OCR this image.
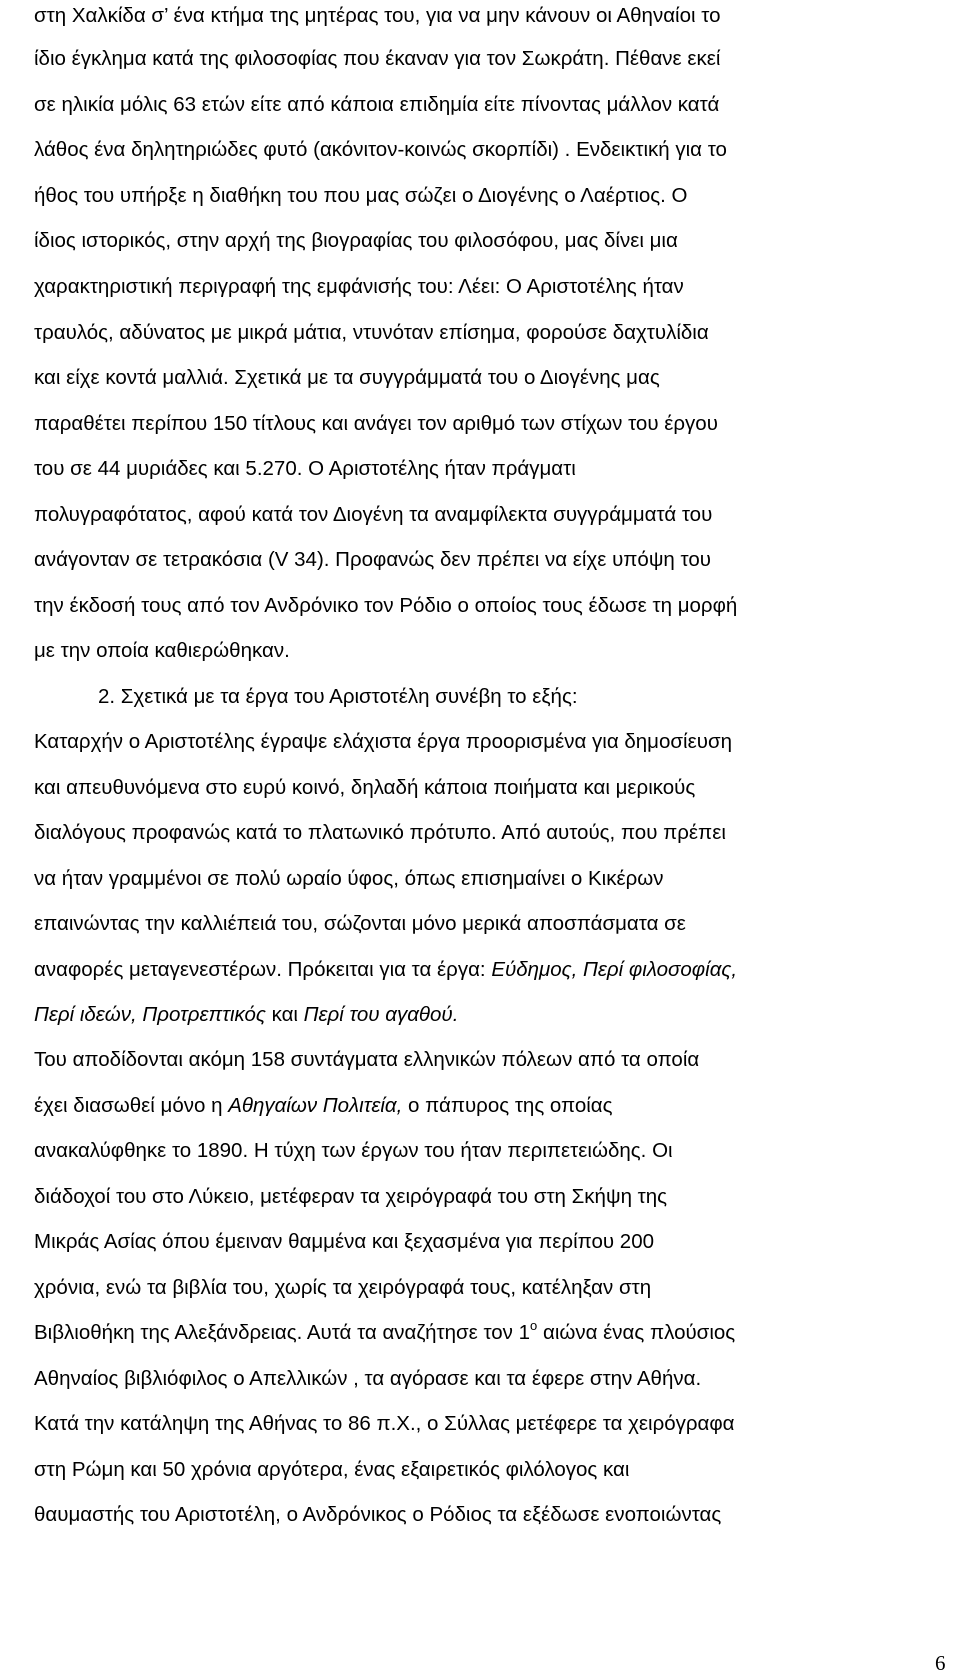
στη Χαλκίδα σ’ ένα κτήμα της μητέρας του, για να μην κάνουν οι Αθηναίοι το
ίδιο έγκλημα κατά της φιλοσοφίας που έκαναν για τον Σωκράτη. Πέθανε εκεί
σε ηλικία μόλις 63 ετών είτε από κάποια επιδημία είτε πίνοντας μάλλον κατά
λάθος ένα δηλητηριώδες φυτό (ακόνιτον-κοινώς σκορπίδι) . Ενδεικτική για το
ήθος του υπήρξε η διαθήκη του που μας σώζει ο Διογένης ο Λαέρτιος. Ο
ίδιος ιστορικός, στην αρχή της βιογραφίας του φιλοσόφου, μας δίνει μια
χαρακτηριστική περιγραφή της εμφάνισής του: Λέει: Ο Αριστοτέλης ήταν
τραυλός, αδύνατος με μικρά μάτια, ντυνόταν επίσημα, φορούσε δαχτυλίδια
και είχε κοντά μαλλιά. Σχετικά με τα συγγράμματά του ο Διογένης μας
παραθέτει περίπου 150 τίτλους και ανάγει τον αριθμό των στίχων του έργου
του σε 44 μυριάδες και 5.270. Ο Αριστοτέλης ήταν πράγματι
πολυγραφότατος, αφού κατά τον Διογένη τα αναμφίλεκτα συγγράμματά του
ανάγονταν σε τετρακόσια (V 34). Προφανώς δεν πρέπει να είχε υπόψη του
την έκδοσή τους από τον Ανδρόνικο τον Ρόδιο ο οποίος τους έδωσε τη μορφή
με την οποία καθιερώθηκαν.
2. Σχετικά με τα έργα του Αριστοτέλη συνέβη το εξής:
Καταρχήν ο Αριστοτέλης έγραψε ελάχιστα έργα προορισμένα για δημοσίευση
και απευθυνόμενα στο ευρύ κοινό, δηλαδή κάποια ποιήματα και μερικούς
διαλόγους προφανώς κατά το πλατωνικό πρότυπο. Από αυτούς, που πρέπει
να ήταν γραμμένοι σε πολύ ωραίο ύφος, όπως επισημαίνει ο Κικέρων
επαινώντας την καλλιέπειά του, σώζονται μόνο μερικά αποσπάσματα σε
αναφορές μεταγενεστέρων. Πρόκειται για τα έργα: Εύδημος, Περί φιλοσοφίας,
Περί ιδεών, Προτρεπτικός και Περί του αγαθού.
Του αποδίδονται ακόμη 158 συντάγματα ελληνικών πόλεων από τα οποία
έχει διασωθεί μόνο η Αθηγαίων Πολιτεία, ο πάπυρος της οποίας
ανακαλύφθηκε το 1890. Η τύχη των έργων του ήταν περιπετειώδης. Οι
διάδοχοί του στο Λύκειο, μετέφεραν τα χειρόγραφά του στη Σκήψη της
Μικράς Ασίας όπου έμειναν θαμμένα και ξεχασμένα για περίπου 200
χρόνια, ενώ τα βιβλία του, χωρίς τα χειρόγραφά τους, κατέληξαν στη
Βιβλιοθήκη της Αλεξάνδρειας. Αυτά τα αναζήτησε τον $1^o$ αιώνα ένας πλούσιος
Αθηναίος βιβλιόφιλος ο Απελλικών , τα αγόρασε και τα έφερε στην Αθήνα.
Κατά την κατάληψη της Αθήνας το 86 π.Χ., ο Σύλλας μετέφερε τα χειρόγραφα
στη Ρώμη και 50 χρόνια αργότερα, ένας εξαιρετικός φιλόλογος και
θαυμαστής του Αριστοτέλη, ο Ανδρόνικος ο Ρόδιος τα εξέδωσε ενοποιώντας
6
